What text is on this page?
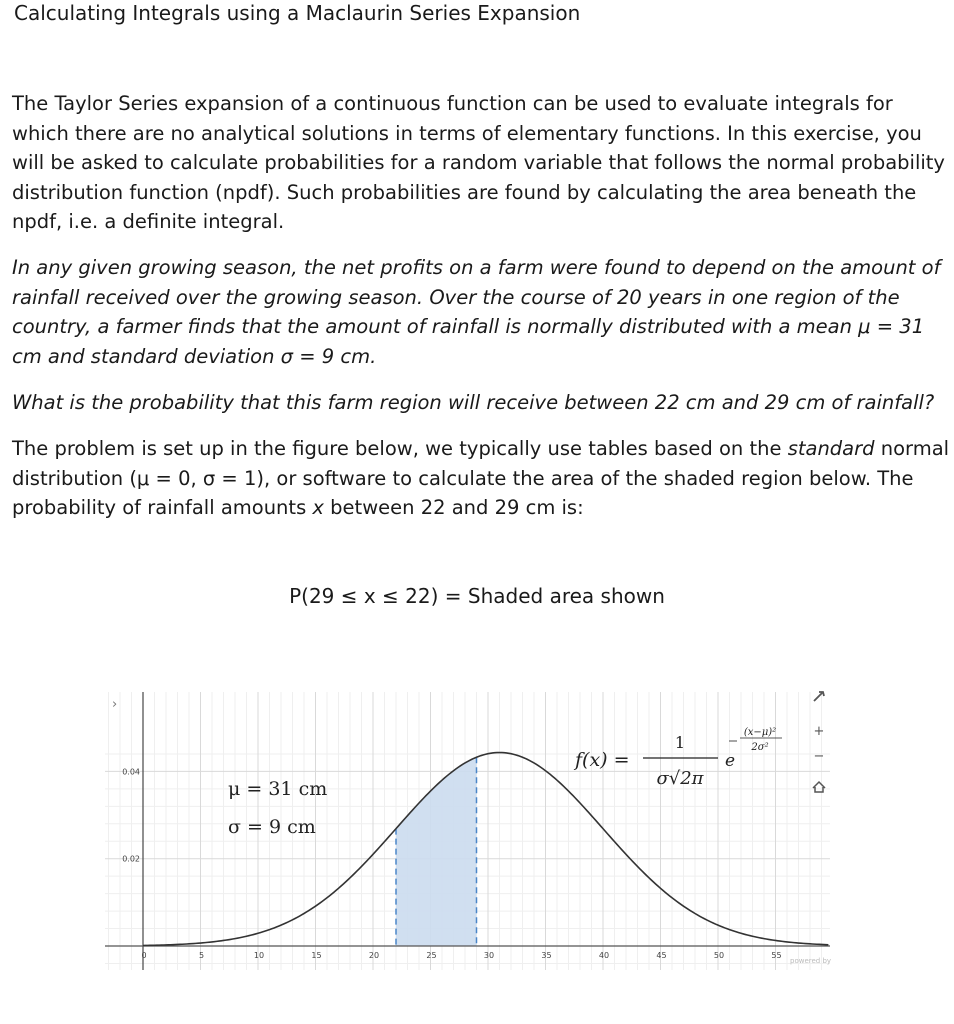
Calculating Integrals using a Maclaurin Series Expansion

The Taylor Series expansion of a continuous function can be used to evaluate integrals for which there are no analytical solutions in terms of elementary functions. In this exercise, you will be asked to calculate probabilities for a random variable that follows the normal probability distribution function (npdf). Such probabilities are found by calculating the area beneath the npdf, i.e. a definite integral.

In any given growing season, the net profits on a farm were found to depend on the amount of rainfall received over the growing season. Over the course of 20 years in one region of the country, a farmer finds that the amount of rainfall is normally distributed with a mean μ = 31 cm and standard deviation σ = 9 cm.

What is the probability that this farm region will receive between 22 cm and 29 cm of rainfall?

The problem is set up in the figure below, we typically use tables based on the standard normal distribution (μ = 0, σ = 1), or software to calculate the area of the shaded region below. The probability of rainfall amounts x between 22 and 29 cm is:

P(29 ≤ x ≤ 22) = Shaded area shown
0	5	10	15	20	25	30	35	40	45	50	55
0.02
0.04
μ = 31 cm
σ = 9 cm
f(x) =
1
σ√2π
e
(x−μ)²
2σ²
›
+
−
powered by
